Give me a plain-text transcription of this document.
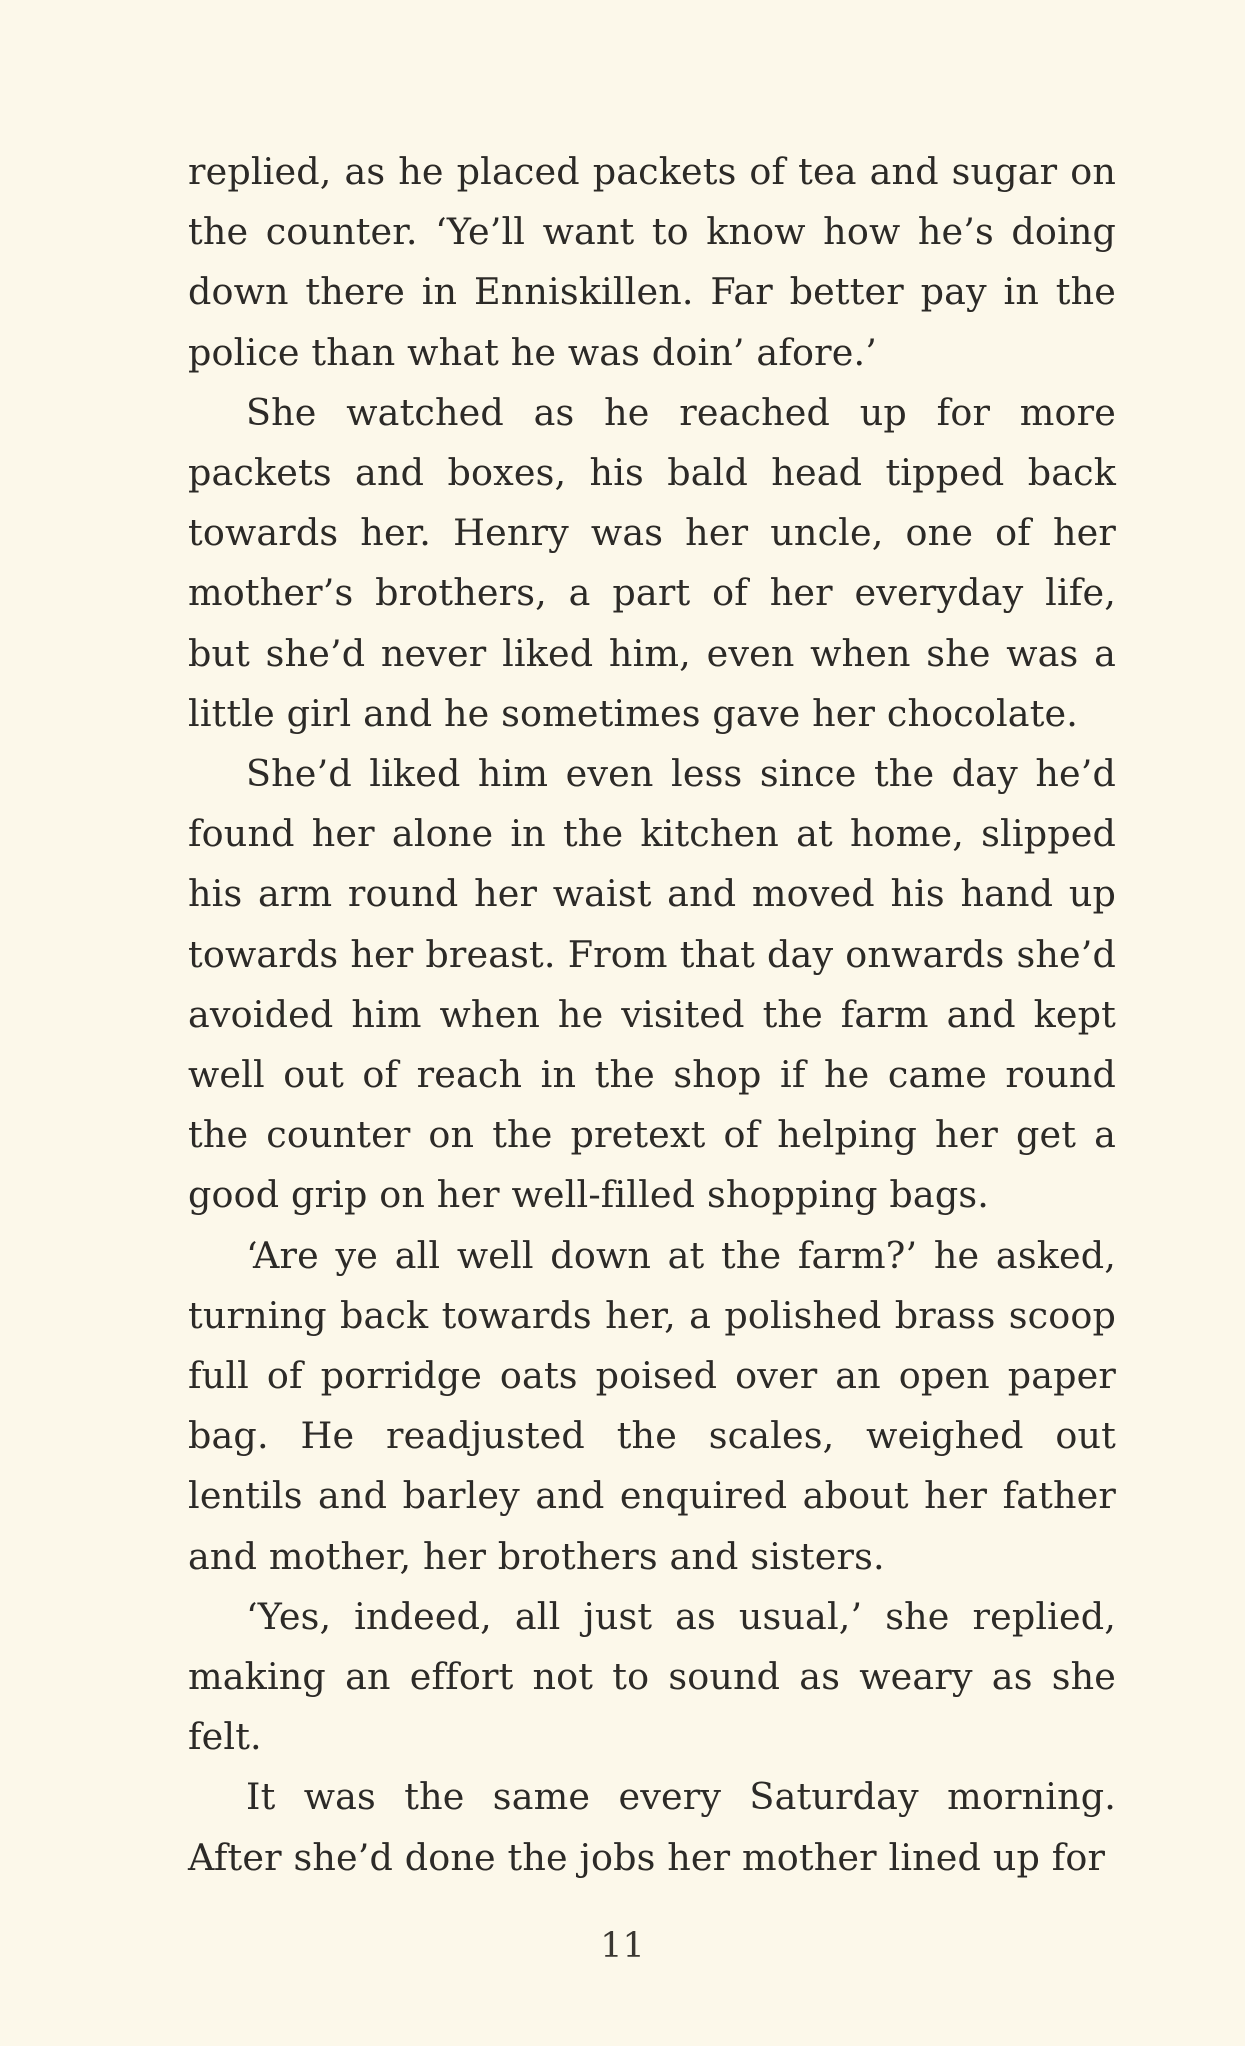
replied, as he placed packets of tea and sugar on the counter. ‘Ye’ll want to know how he’s doing down there in Enniskillen. Far better pay in the police than what he was doin’ afore.’

She watched as he reached up for more packets and boxes, his bald head tipped back towards her. Henry was her uncle, one of her mother’s brothers, a part of her everyday life, but she’d never liked him, even when she was a little girl and he sometimes gave her chocolate.

She’d liked him even less since the day he’d found her alone in the kitchen at home, slipped his arm round her waist and moved his hand up towards her breast. From that day onwards she’d avoided him when he visited the farm and kept well out of reach in the shop if he came round the counter on the pretext of helping her get a good grip on her well-filled shopping bags.

‘Are ye all well down at the farm?’ he asked, turning back towards her, a polished brass scoop full of porridge oats poised over an open paper bag. He readjusted the scales, weighed out lentils and barley and enquired about her father and mother, her brothers and sisters.

‘Yes, indeed, all just as usual,’ she replied, making an effort not to sound as weary as she felt.

It was the same every Saturday morning. After she’d done the jobs her mother lined up for

11
